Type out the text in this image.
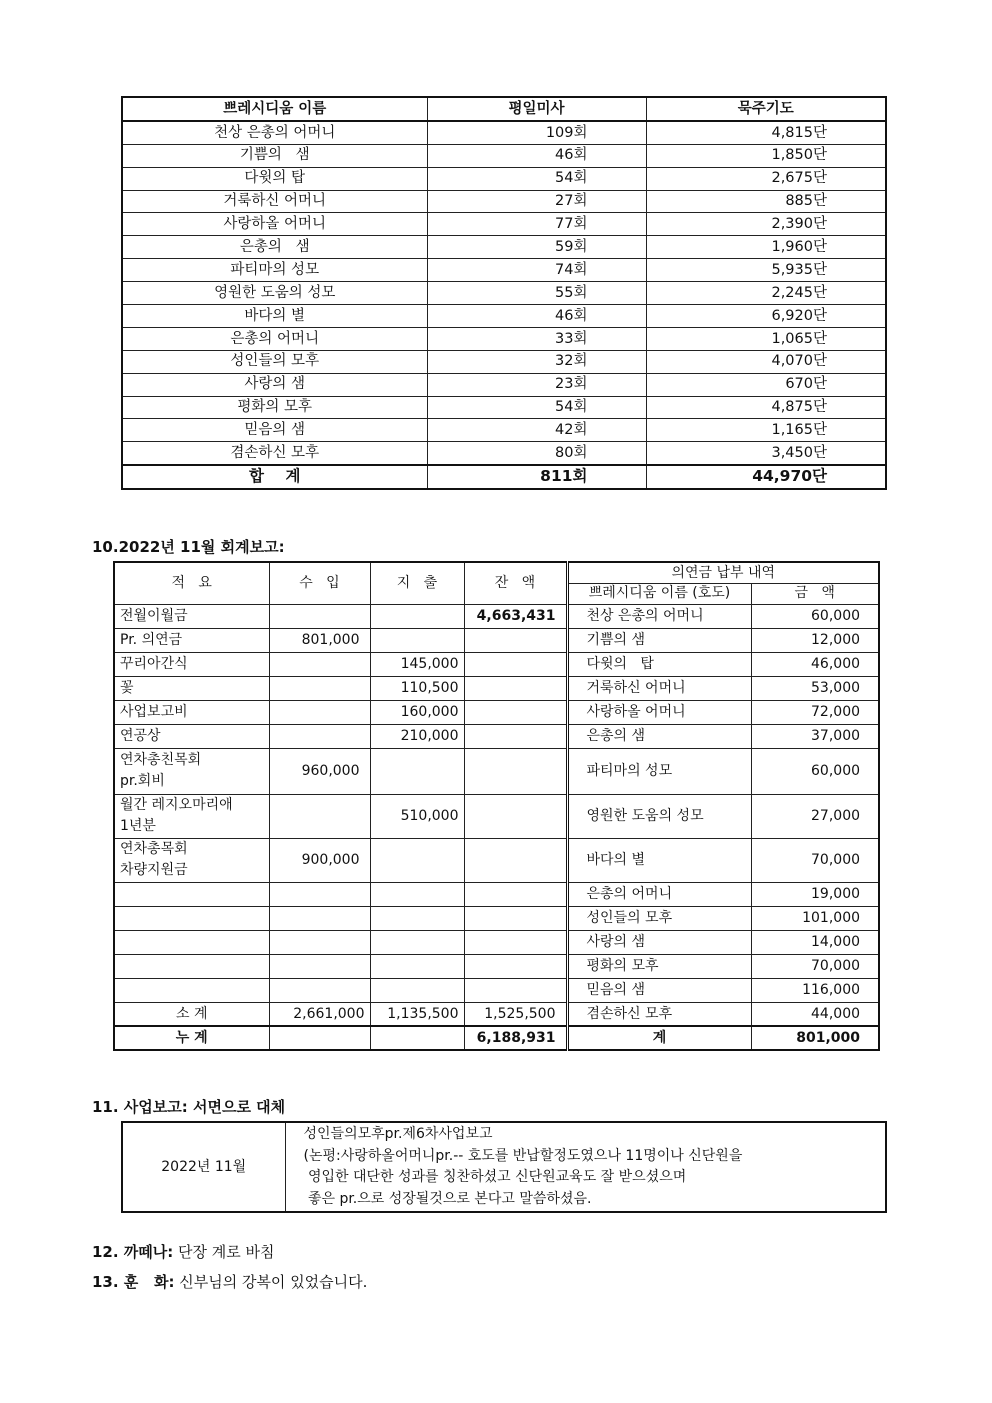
쁘레시디움 이름	평일미사	묵주기도
천상 은총의 어머니	109회	4,815단
기쁨의   샘	46회	1,850단
다윗의 탑	54회	2,675단
거룩하신 어머니	27회	885단
사랑하올 어머니	77회	2,390단
은총의   샘	59회	1,960단
파티마의 성모	74회	5,935단
영원한 도움의 성모	55회	2,245단
바다의 별	46회	6,920단
은총의 어머니	33회	1,065단
성인들의 모후	32회	4,070단
사랑의 샘	23회	670단
평화의 모후	54회	4,875단
믿음의 샘	42회	1,165단
겸손하신 모후	80회	3,450단
합    계	811회	44,970단

10.2022년 11월 회계보고:

적   요	수   입	지   출	잔   액	의연금 납부 내역	
				쁘레시디움 이름 (호도)	금   액
전월이월금			4,663,431	천상 은총의 어머니	60,000
Pr. 의연금	801,000			기쁨의 샘	12,000
꾸리아간식		145,000		다윗의   탑	46,000
꽃		110,500		거룩하신 어머니	53,000
사업보고비		160,000		사랑하올 어머니	72,000
연공상		210,000		은총의 샘	37,000
연차총친목회
pr.회비	960,000			파티마의 성모	60,000
월간 레지오마리애
1년분		510,000		영원한 도움의 성모	27,000
연차총목회
차량지원금	900,000			바다의 별	70,000
				은총의 어머니	19,000
				성인들의 모후	101,000
				사랑의 샘	14,000
				평화의 모후	70,000
				믿음의 샘	116,000
소 계	2,661,000	1,135,500	1,525,500	겸손하신 모후	44,000
누 계			6,188,931	계	801,000

11. 사업보고: 서면으로 대체

2022년 11월	성인들의모후pr.제6차사업보고
(논평:사랑하올어머니pr.-- 호도를 반납할정도였으나 11명이나 신단원을
영입한 대단한 성과를 칭찬하셨고 신단원교육도 잘 받으셨으며
좋은 pr.으로 성장될것으로 본다고 말씀하셨음.

12. 까떼나: 단장 계로 바침

13. 훈   화: 신부님의 강복이 있었습니다.
